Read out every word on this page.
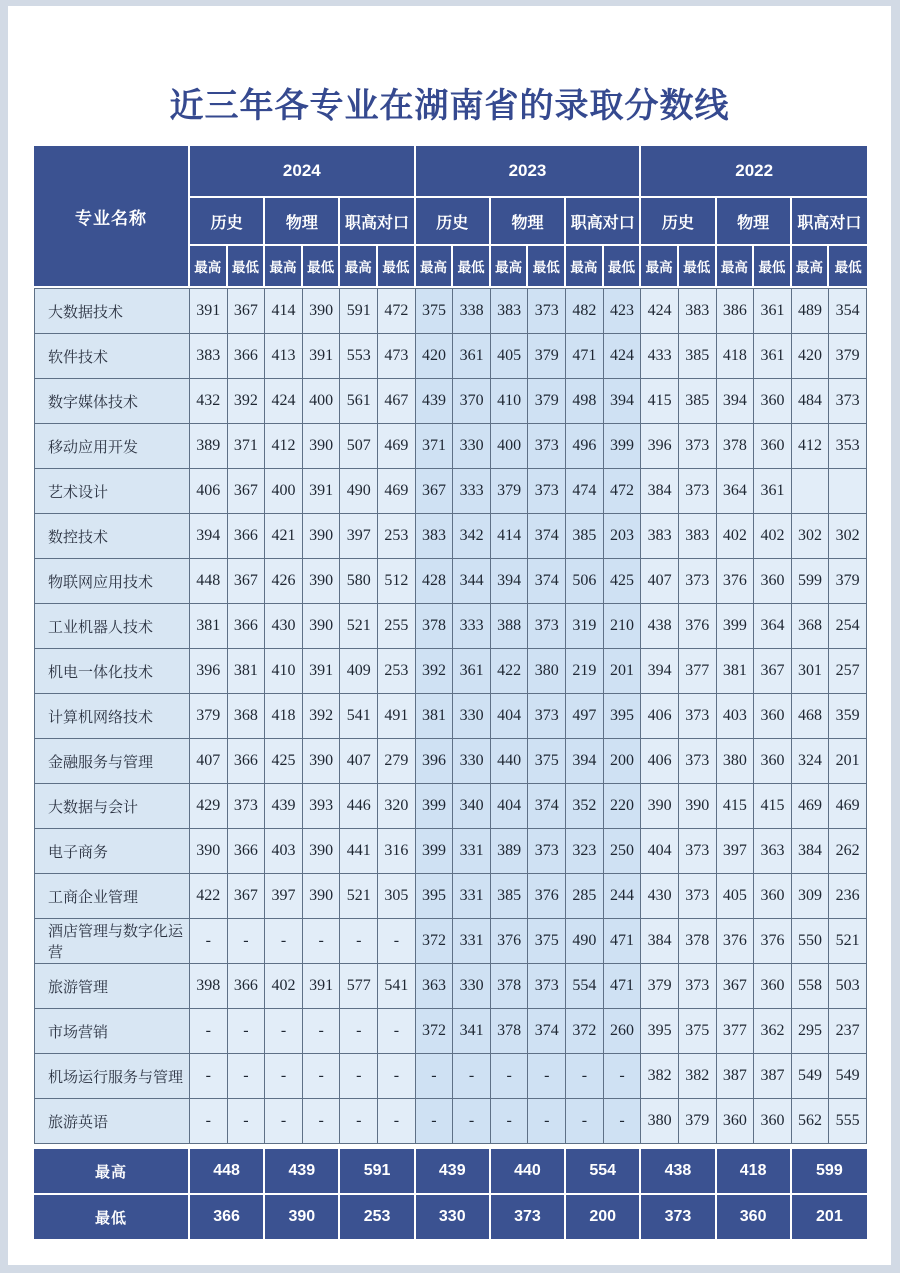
近三年各专业在湖南省的录取分数线
专业名称	2024						2023						2022					
	历史		物理		职高对口		历史		物理		职高对口		历史		物理		职高对口	
	最高	最低	最高	最低	最高	最低	最高	最低	最高	最低	最高	最低	最高	最低	最高	最低	最高	最低
大数据技术	391	367	414	390	591	472	375	338	383	373	482	423	424	383	386	361	489	354
软件技术	383	366	413	391	553	473	420	361	405	379	471	424	433	385	418	361	420	379
数字媒体技术	432	392	424	400	561	467	439	370	410	379	498	394	415	385	394	360	484	373
移动应用开发	389	371	412	390	507	469	371	330	400	373	496	399	396	373	378	360	412	353
艺术设计	406	367	400	391	490	469	367	333	379	373	474	472	384	373	364	361		
数控技术	394	366	421	390	397	253	383	342	414	374	385	203	383	383	402	402	302	302
物联网应用技术	448	367	426	390	580	512	428	344	394	374	506	425	407	373	376	360	599	379
工业机器人技术	381	366	430	390	521	255	378	333	388	373	319	210	438	376	399	364	368	254
机电一体化技术	396	381	410	391	409	253	392	361	422	380	219	201	394	377	381	367	301	257
计算机网络技术	379	368	418	392	541	491	381	330	404	373	497	395	406	373	403	360	468	359
金融服务与管理	407	366	425	390	407	279	396	330	440	375	394	200	406	373	380	360	324	201
大数据与会计	429	373	439	393	446	320	399	340	404	374	352	220	390	390	415	415	469	469
电子商务	390	366	403	390	441	316	399	331	389	373	323	250	404	373	397	363	384	262
工商企业管理	422	367	397	390	521	305	395	331	385	376	285	244	430	373	405	360	309	236
酒店管理与数字化运营	-	-	-	-	-	-	372	331	376	375	490	471	384	378	376	376	550	521
旅游管理	398	366	402	391	577	541	363	330	378	373	554	471	379	373	367	360	558	503
市场营销	-	-	-	-	-	-	372	341	378	374	372	260	395	375	377	362	295	237
机场运行服务与管理	-	-	-	-	-	-	-	-	-	-	-	-	382	382	387	387	549	549
旅游英语	-	-	-	-	-	-	-	-	-	-	-	-	380	379	360	360	562	555
最高	448		439		591		439		440		554		438		418		599	
最低	366		390		253		330		373		200		373		360		201	
